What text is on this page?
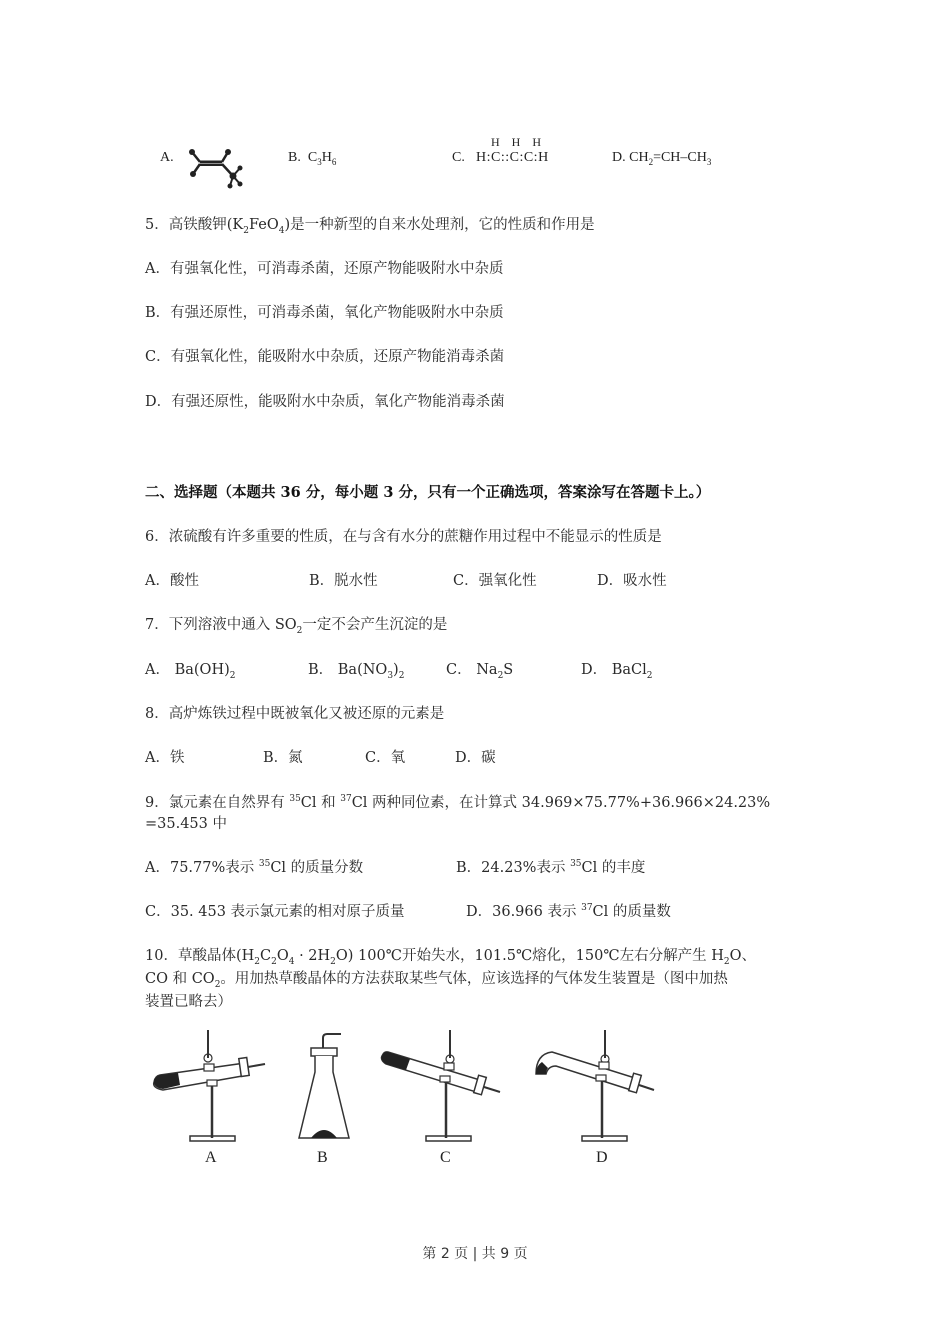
A.	B. $C_3H_6$	C.
H  H  H
H:C::C:C:H	D. $CH_2=CH-CH_3$
5．高铁酸钾$(K_2FeO_4)$是一种新型的自来水处理剂，它的性质和作用是
A．有强氧化性，可消毒杀菌，还原产物能吸附水中杂质
B．有强还原性，可消毒杀菌，氧化产物能吸附水中杂质
C．有强氧化性，能吸附水中杂质，还原产物能消毒杀菌
D．有强还原性，能吸附水中杂质，氧化产物能消毒杀菌
二、选择题（本题共 36 分，每小题 3 分，只有一个正确选项，答案涂写在答题卡上。）
6．浓硫酸有许多重要的性质，在与含有水分的蔗糖作用过程中不能显示的性质是
A．酸性	B．脱水性	C．强氧化性	D．吸水性
7．下列溶液中通入 $SO_2$一定不会产生沉淀的是
A． $Ba(OH)_2$	B． $Ba(NO_3)_2$	C． $Na_2S$	D． BaCl$_2$
8．高炉炼铁过程中既被氧化又被还原的元素是
A．铁	B．氮	C．氧	D．碳
9．氯元素在自然界有 $^{35}$Cl 和 $^{37}$Cl 两种同位素，在计算式 34.969×75.77%+36.966×24.23%
=35.453 中
A．75.77%表示 $^{35}$Cl 的质量分数	B．24.23%表示 $^{35}$Cl 的丰度
C．35. 453 表示氯元素的相对原子质量	D．36.966 表示 $^{37}$Cl 的质量数
10．草酸晶体$(H_2C_2O_4 \cdot 2H_2O)$ 100℃开始失水，101.5℃熔化，150℃左右分解产生 $H_2O$、
CO 和 $CO_2$。用加热草酸晶体的方法获取某些气体，应该选择的气体发生装置是（图中加热
装置已略去）
A	B	C	D
第 2 页 | 共 9 页
